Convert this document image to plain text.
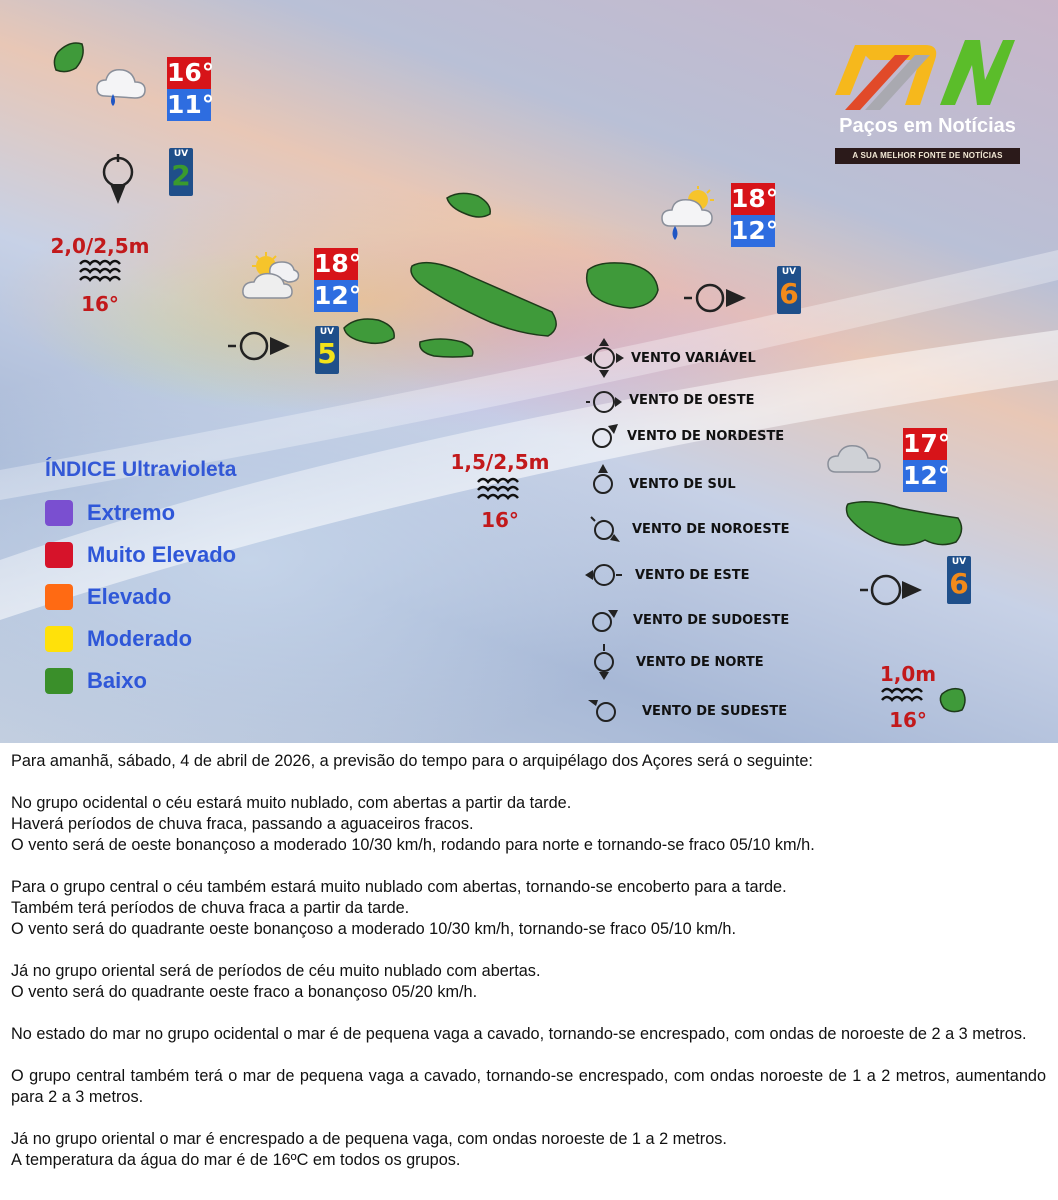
Paços em Notícias
A SUA MELHOR FONTE DE NOTÍCIAS
16°
11°
UV
2
2,0/2,5m
16°
18°
12°
UV
5
1,5/2,5m
16°
18°
12°
UV
6
17°
12°
UV
6
1,0m
16°
VENTO VARIÁVEL
VENTO DE OESTE
VENTO DE NORDESTE
VENTO DE SUL
VENTO DE NOROESTE
VENTO DE ESTE
VENTO DE SUDOESTE
VENTO DE NORTE
VENTO DE SUDESTE
ÍNDICE Ultravioleta
Extremo
Muito Elevado
Elevado
Moderado
Baixo

Para amanhã, sábado, 4 de abril de 2026, a previsão do tempo para o arquipélago dos Açores será o seguinte:

No grupo ocidental o céu estará muito nublado, com abertas a partir da tarde.
Haverá períodos de chuva fraca, passando a aguaceiros fracos.
O vento será de oeste bonançoso a moderado 10/30 km/h, rodando para norte e tornando-se fraco 05/10 km/h.

Para o grupo central o céu também estará muito nublado com abertas, tornando-se encoberto para a tarde.
Também terá períodos de chuva fraca a partir da tarde.
O vento será do quadrante oeste bonançoso a moderado 10/30 km/h, tornando-se fraco 05/10 km/h.

Já no grupo oriental será de períodos de céu muito nublado com abertas.
O vento será do quadrante oeste fraco a bonançoso 05/20 km/h.

No estado do mar no grupo ocidental o mar é de pequena vaga a cavado, tornando-se encrespado, com ondas de noroeste de 2 a 3 metros.

O grupo central também terá o mar de pequena vaga a cavado, tornando-se encrespado, com ondas noroeste de 1 a 2 metros, aumentando para 2 a 3 metros.

Já no grupo oriental o mar é encrespado a de pequena vaga, com ondas noroeste de 1 a 2 metros.
A temperatura da água do mar é de 16ºC em todos os grupos.
